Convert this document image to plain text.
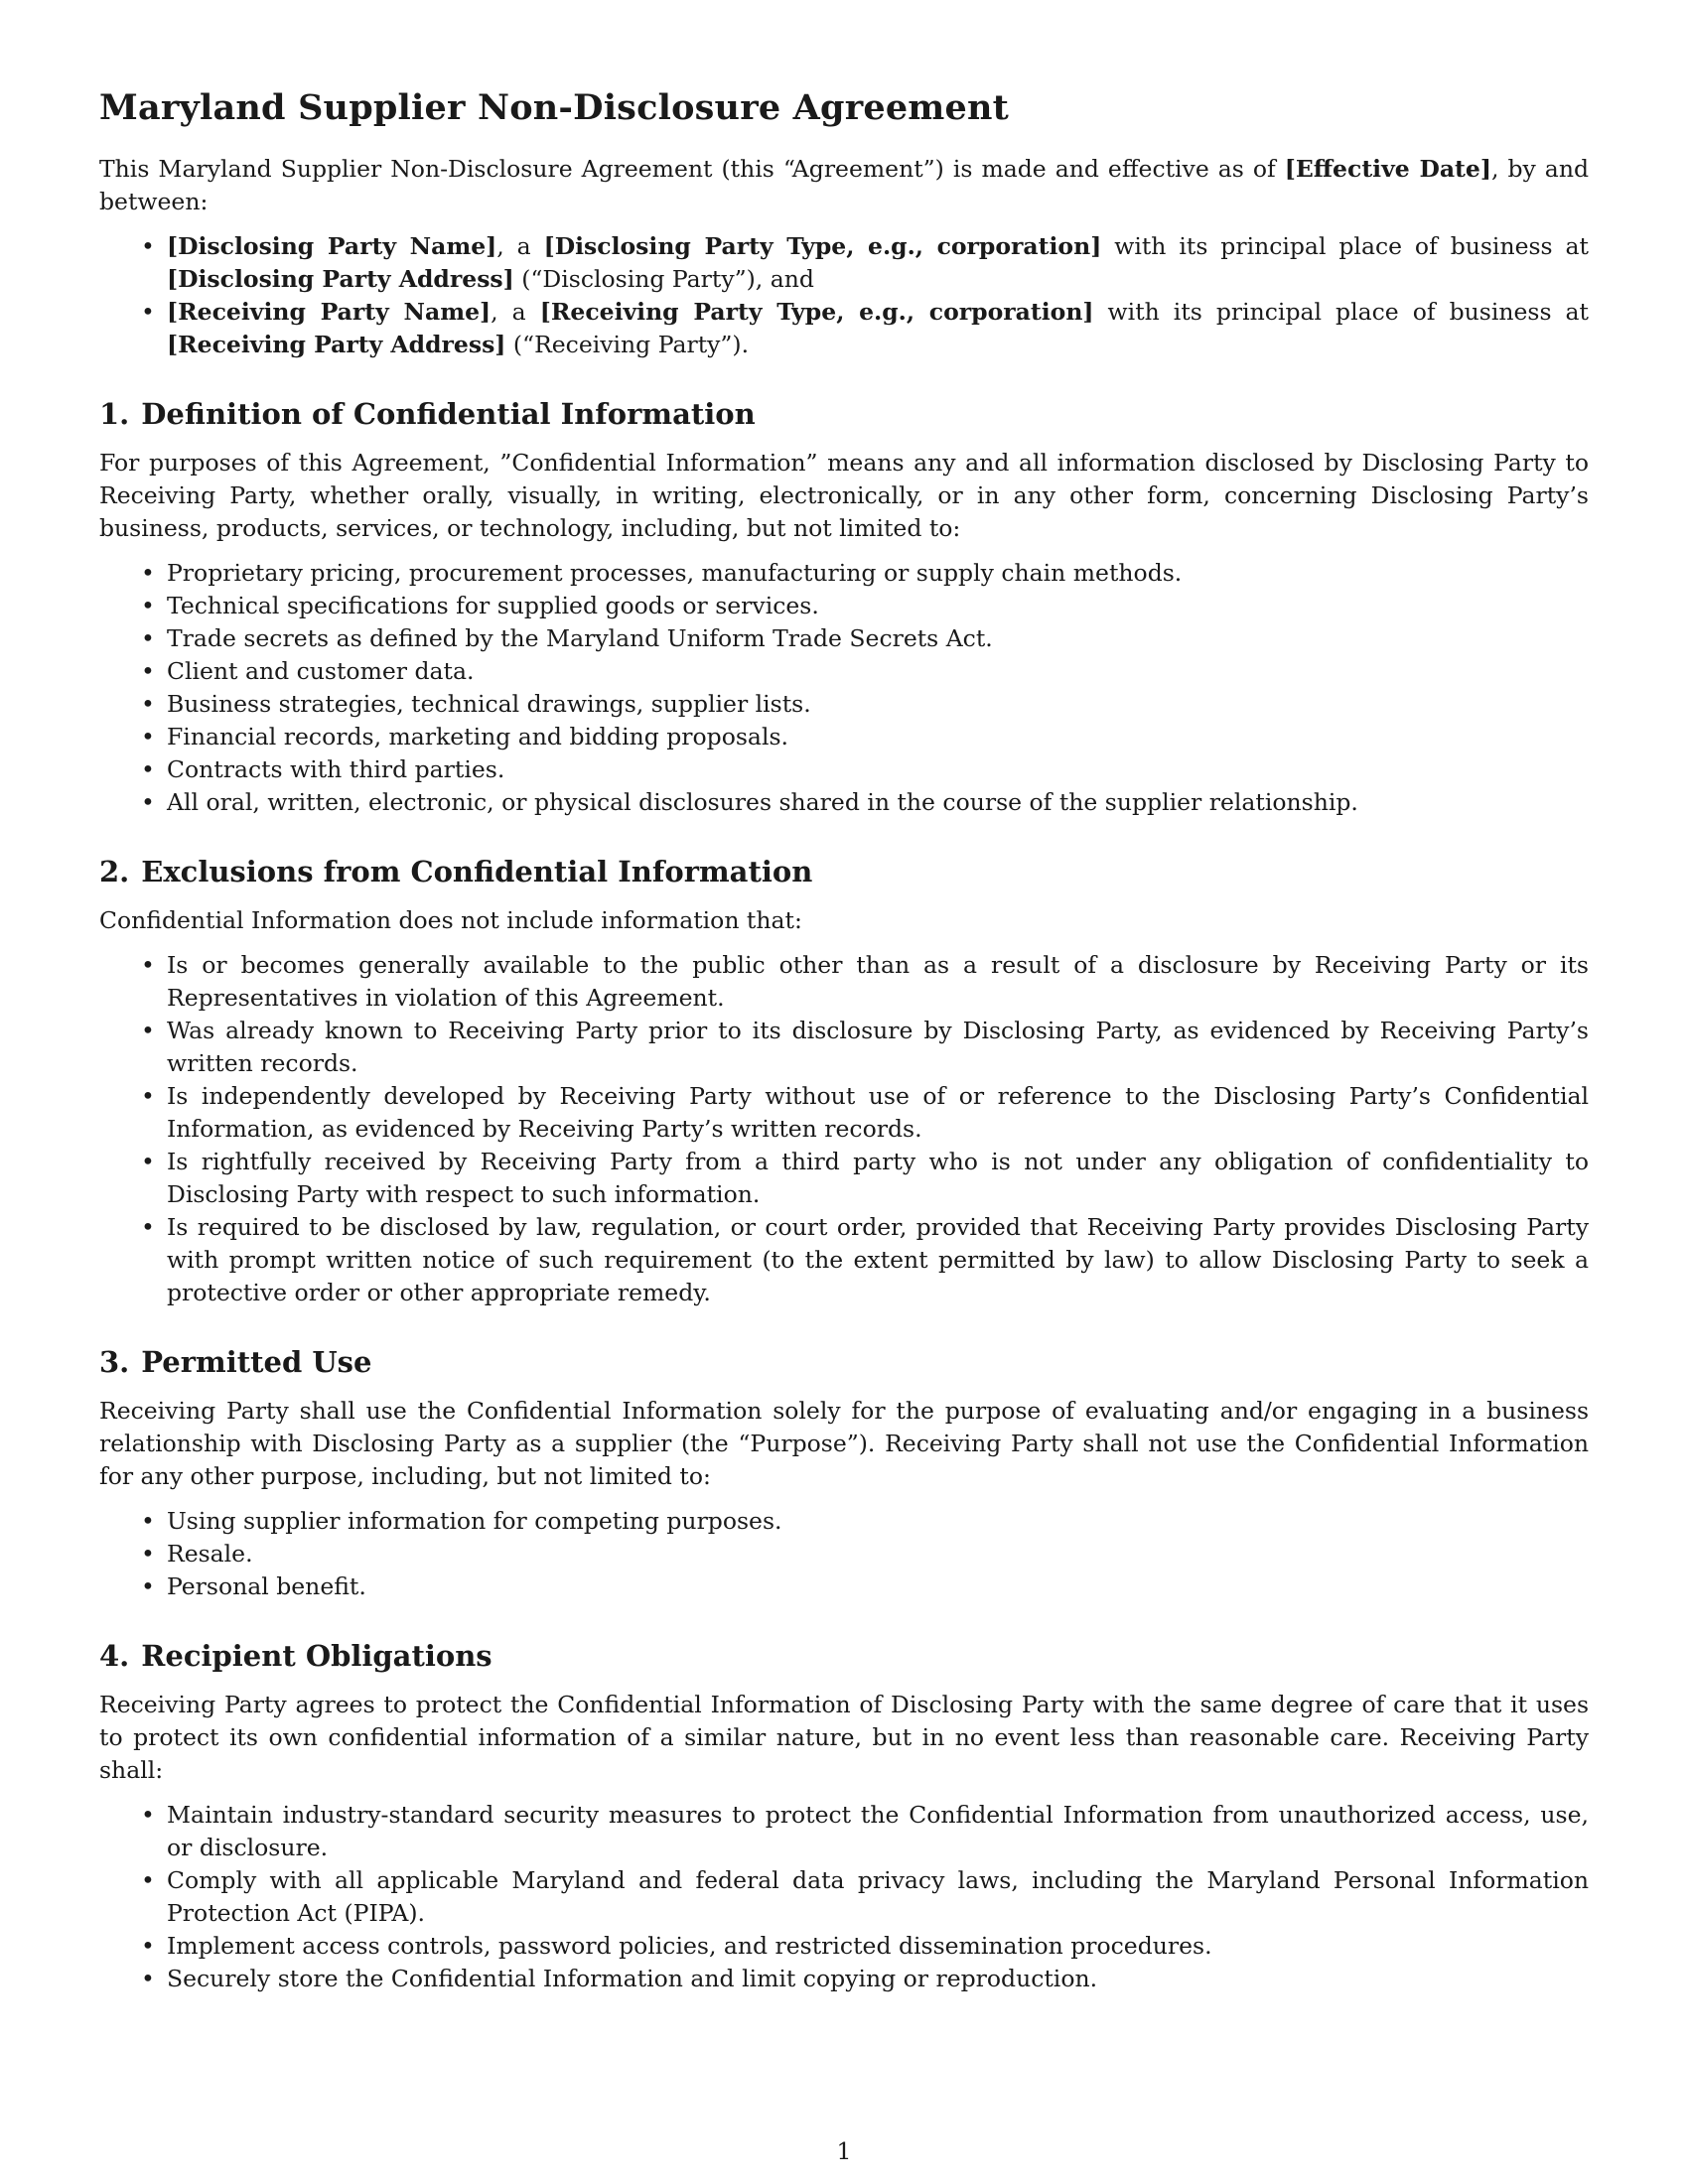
Maryland Supplier Non-Disclosure Agreement

This Maryland Supplier Non-Disclosure Agreement (this “Agreement”) is made and effective as of [Effective Date], by and between:

• [Disclosing Party Name], a [Disclosing Party Type, e.g., corporation] with its principal place of business at [Disclosing Party Address] (“Disclosing Party”), and
• [Receiving Party Name], a [Receiving Party Type, e.g., corporation] with its principal place of business at [Receiving Party Address] (“Receiving Party”).
1. Definition of Confidential Information

For purposes of this Agreement, ”Confidential Information” means any and all information disclosed by Disclosing Party to Receiving Party, whether orally, visually, in writing, electronically, or in any other form, concerning Disclosing Party’s business, products, services, or technology, including, but not limited to:

• Proprietary pricing, procurement processes, manufacturing or supply chain methods.
• Technical specifications for supplied goods or services.
• Trade secrets as defined by the Maryland Uniform Trade Secrets Act.
• Client and customer data.
• Business strategies, technical drawings, supplier lists.
• Financial records, marketing and bidding proposals.
• Contracts with third parties.
• All oral, written, electronic, or physical disclosures shared in the course of the supplier relationship.
2. Exclusions from Confidential Information

Confidential Information does not include information that:

• Is or becomes generally available to the public other than as a result of a disclosure by Receiving Party or its Representatives in violation of this Agreement.
• Was already known to Receiving Party prior to its disclosure by Disclosing Party, as evidenced by Receiving Party’s written records.
• Is independently developed by Receiving Party without use of or reference to the Disclosing Party’s Confidential Information, as evidenced by Receiving Party’s written records.
• Is rightfully received by Receiving Party from a third party who is not under any obligation of confidentiality to Disclosing Party with respect to such information.
• Is required to be disclosed by law, regulation, or court order, provided that Receiving Party provides Disclosing Party with prompt written notice of such requirement (to the extent permitted by law) to allow Disclosing Party to seek a protective order or other appropriate remedy.
3. Permitted Use

Receiving Party shall use the Confidential Information solely for the purpose of evaluating and/or engaging in a business relationship with Disclosing Party as a supplier (the “Purpose”). Receiving Party shall not use the Confidential Information for any other purpose, including, but not limited to:

• Using supplier information for competing purposes.
• Resale.
• Personal benefit.
4. Recipient Obligations

Receiving Party agrees to protect the Confidential Information of Disclosing Party with the same degree of care that it uses to protect its own confidential information of a similar nature, but in no event less than reasonable care. Receiving Party shall:

• Maintain industry-standard security measures to protect the Confidential Information from unauthorized access, use, or disclosure.
• Comply with all applicable Maryland and federal data privacy laws, including the Maryland Personal Information Protection Act (PIPA).
• Implement access controls, password policies, and restricted dissemination procedures.
• Securely store the Confidential Information and limit copying or reproduction.
1
